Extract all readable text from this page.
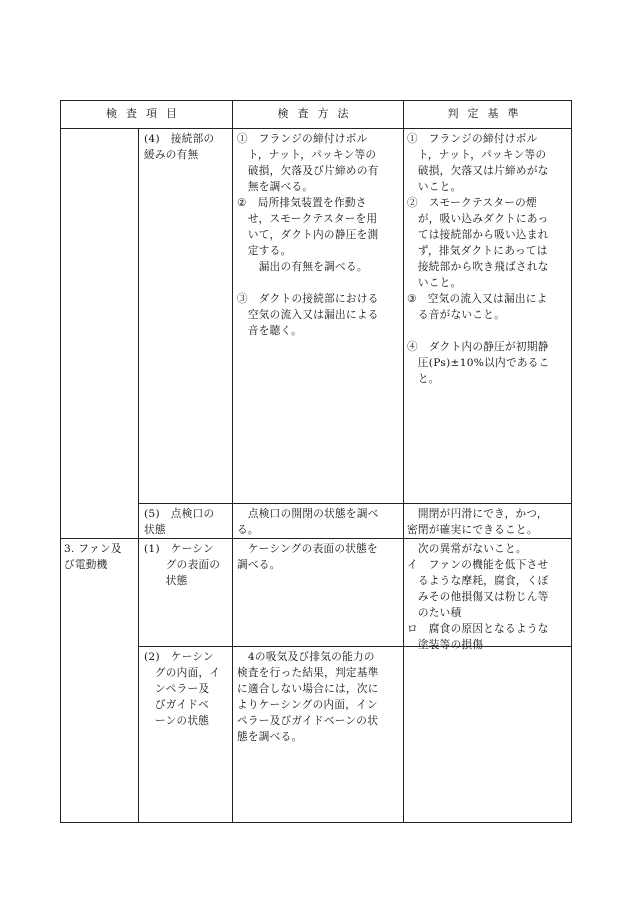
検査項目	検査方法	判定基準
(4)　接続部の
緩みの有無
①　フランジの締付けボル
　ト，ナット，パッキン等の
　破損，欠落及び片締めの有
　無を調べる。
②　局所排気装置を作動さ
　せ，スモークテスターを用
　いて，ダクト内の静圧を測
　定する。
　　漏出の有無を調べる。

③　ダクトの接続部における
　空気の流入又は漏出による
　音を聴く。
①　フランジの締付けボル
　ト，ナット，パッキン等の
　破損，欠落又は片締めがな
　いこと。
②　スモークテスターの煙
　が，吸い込みダクトにあっ
　ては接続部から吸い込まれ
　ず，排気ダクトにあっては
　接続部から吹き飛ばされな
　いこと。
③　空気の流入又は漏出によ
　る音がないこと。

④　ダクト内の静圧が初期静
　圧(Ps)±10%以内であるこ
　と。
(5)　点検口の
状態
　点検口の開閉の状態を調べ
る。
　開閉が円滑にでき，かつ，
密閉が確実にできること。
3. ファン及
び電動機
(1)　ケーシン
　　グの表面の
　　状態
　ケーシングの表面の状態を
調べる。
　次の異常がないこと。
イ　ファンの機能を低下させ
　るような摩耗，腐食，くぼ
　みその他損傷又は粉じん等
　のたい積
ロ　腐食の原因となるような
　塗装等の損傷
(2)　ケーシン
　グの内面，イ
　ンペラー及
　びガイドベ
　ーンの状態
　4の吸気及び排気の能力の
検査を行った結果，判定基準
に適合しない場合には，次に
よりケーシングの内面，イン
ペラー及びガイドベーンの状
態を調べる。
